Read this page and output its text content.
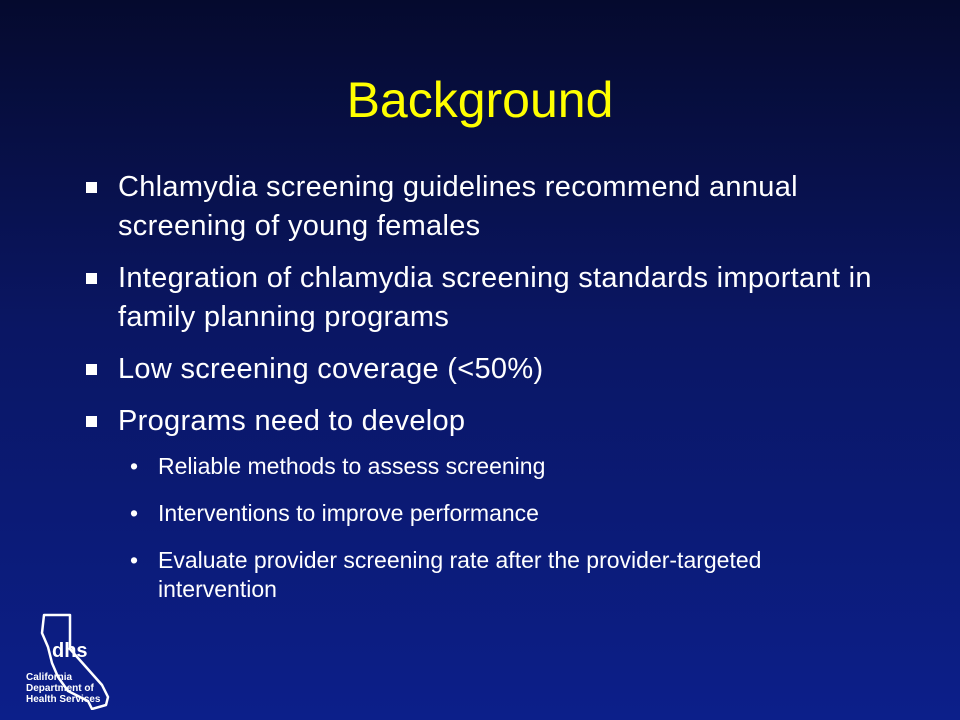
Background
Chlamydia screening guidelines recommend annual screening of young females
Integration of chlamydia screening standards important in family planning programs
Low screening coverage (<50%)
Programs need to develop
• Reliable methods to assess screening
• Interventions to improve performance
• Evaluate provider screening rate after the provider-targeted intervention
dhs
California
Department of
Health Services
